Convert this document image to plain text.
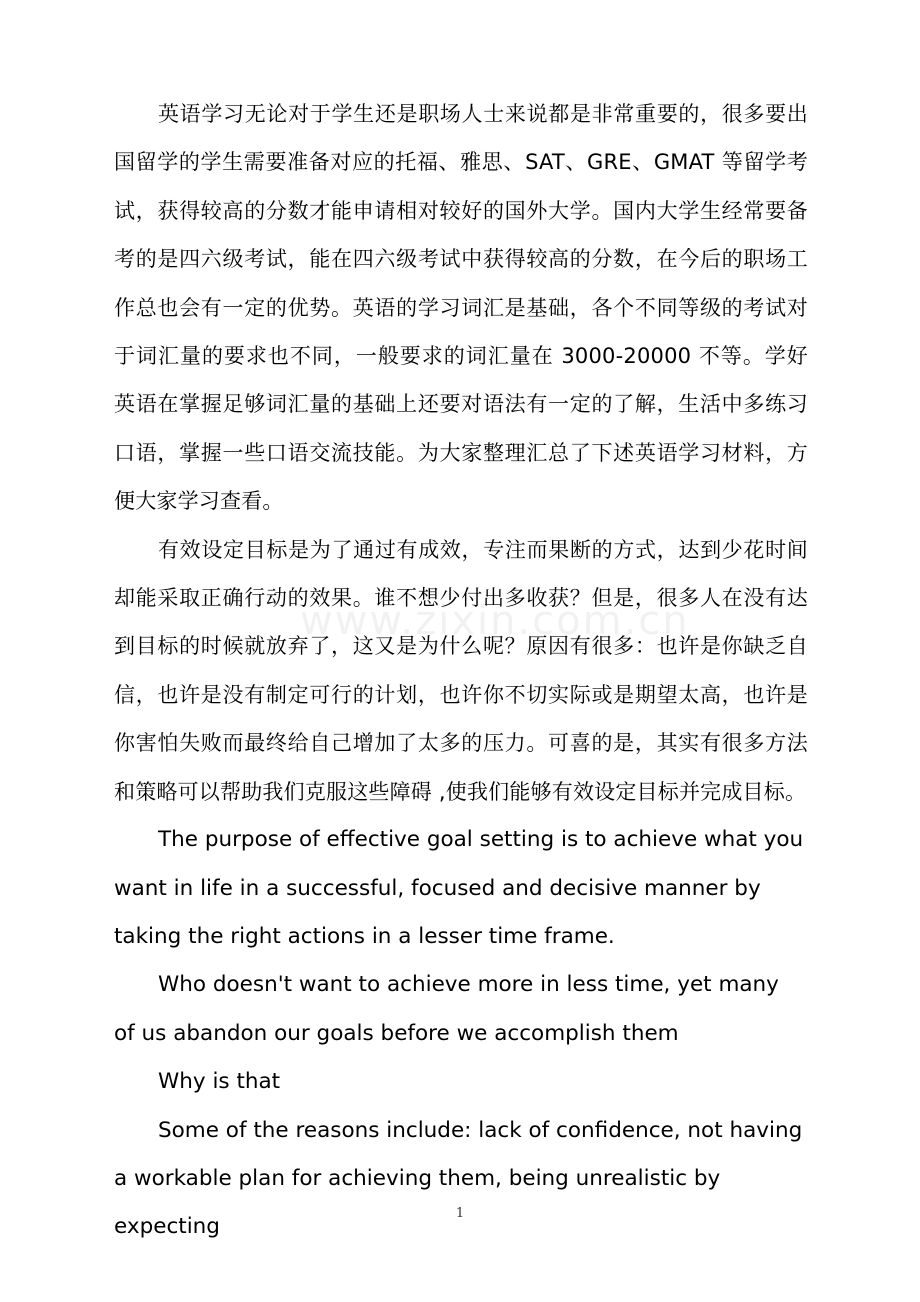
www.zixin.com.cn

英语学习无论对于学生还是职场人士来说都是非常重要的，很多要出国留学的学生需要准备对应的托福、雅思、SAT、GRE、GMAT 等留学考试，获得较高的分数才能申请相对较好的国外大学。国内大学生经常要备考的是四六级考试，能在四六级考试中获得较高的分数，在今后的职场工作总也会有一定的优势。英语的学习词汇是基础，各个不同等级的考试对于词汇量的要求也不同，一般要求的词汇量在 3000-20000 不等。学好英语在掌握足够词汇量的基础上还要对语法有一定的了解，生活中多练习口语，掌握一些口语交流技能。为大家整理汇总了下述英语学习材料，方便大家学习查看。

有效设定目标是为了通过有成效，专注而果断的方式，达到少花时间却能采取正确行动的效果。谁不想少付出多收获？但是，很多人在没有达到目标的时候就放弃了，这又是为什么呢？原因有很多：也许是你缺乏自信，也许是没有制定可行的计划，也许你不切实际或是期望太高，也许是你害怕失败而最终给自己增加了太多的压力。可喜的是，其实有很多方法和策略可以帮助我们克服这些障碍 ,使我们能够有效设定目标并完成目标。

The purpose of effective goal setting is to achieve what you want in life in a successful, focused and decisive manner by taking the right actions in a lesser time frame.

Who doesn't want to achieve more in less time, yet many    of us abandon our goals before we accomplish them

Why is that

Some of the reasons include: lack of confidence, not having a workable plan for achieving them, being unrealistic by expecting

1
